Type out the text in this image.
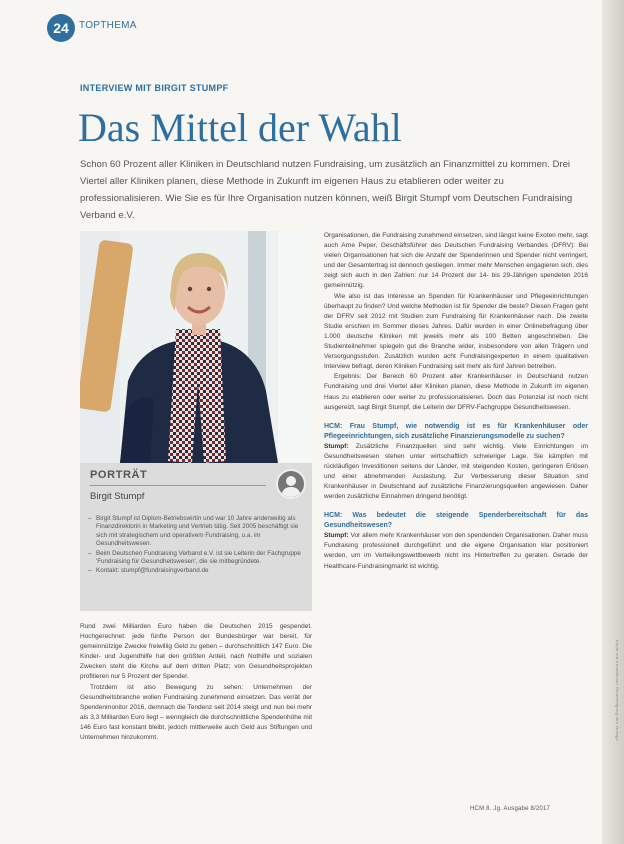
24	TOPTHEMA
INTERVIEW MIT BIRGIT STUMPF
Das Mittel der Wahl
Schon 60 Prozent aller Kliniken in Deutschland nutzen Fundraising, um zusätzlich an Finanzmittel zu kommen. Drei Viertel aller Kliniken planen, diese Methode in Zukunft im eigenen Haus zu etablieren oder weiter zu professionalisieren. Wie Sie es für Ihre Organisation nutzen können, weiß Birgit Stumpf vom Deutschen Fundraising Verband e.V.
PORTRÄT
Birgit Stumpf
– Birgit Stumpf ist Diplom-Betriebswirtin und war 10 Jahre anderweitig als Finanzdirektorin in Marketing und Vertrieb tätig. Seit 2005 beschäftigt sie sich mit strategischem und operativem Fundraising, u.a. im Gesundheitswesen.
– Beim Deutschen Fundraising Verband e.V. ist sie Leiterin der Fachgruppe 'Fundraising für Gesundheitswesen', die sie mitbegründete.
– Kontakt: stumpf@fundraisingverband.de

Rund zwei Milliarden Euro haben die Deutschen 2015 gespendet. Hochgerechnet: jede fünfte Person der Bundesbürger war bereit, für gemeinnützige Zwecke freiwillig Geld zu geben – durchschnittlich 147 Euro. Die Kinder- und Jugendhilfe hat den größten Anteil, nach Nothilfe und sozialen Zwecken steht die Kirche auf dem dritten Platz; von Gesundheitsprojekten profitieren nur 5 Prozent der Spender.

Trotzdem ist also Bewegung zu sehen: Unternehmen der Gesundheitsbranche wollen Fundraising zunehmend einsetzen. Das verrät der Spendenmonitor 2016, demnach die Tendenz seit 2014 steigt und nun bei mehr als 3,3 Milliarden Euro liegt – wenngleich die durchschnittliche Spendenhöhe mit 146 Euro fast konstant bleibt, jedoch mittlerweile auch Geld aus Stiftungen und Unternehmen hinzukommt.

Organisationen, die Fundraising zunehmend einsetzen, sind längst keine Exoten mehr, sagt auch Arne Peper, Geschäftsführer des Deutschen Fundraising Verbandes (DFRV): Bei vielen Organisationen hat sich die Anzahl der Spenderinnen und Spender nicht verringert, und der Gesamtertrag ist dennoch gestiegen. Immer mehr Menschen engagieren sich, dies zeigt sich auch in den Zahlen: nur 14 Prozent der 14- bis 29-Jährigen spendeten 2016 gemeinnützig.

Wie also ist das Interesse an Spenden für Krankenhäuser und Pflegeeinrichtungen überhaupt zu finden? Und welche Methoden ist für Spender die beste? Diesen Fragen geht der DFRV seit 2012 mit Studien zum Fundraising für Krankenhäuser nach. Die zweite Studie erschien im Sommer dieses Jahres. Dafür wurden in einer Onlinebefragung über 1.000 deutsche Kliniken mit jeweils mehr als 100 Betten angeschrieben. Die Studienteilnehmer spiegeln gut die Branche wider, insbesondere von allen Trägern und Versorgungsstufen. Zusätzlich wurden acht Fundraisingexperten in einem qualitativen Interview befragt, deren Kliniken Fundraising seit mehr als fünf Jahren betreiben.

Ergebnis: Der Bereich 60 Prozent aller Krankenhäuser in Deutschland nutzen Fundraising und drei Viertel aller Kliniken planen, diese Methode in Zukunft im eigenen Haus zu etablieren oder weiter zu professionalisieren. Doch das Potenzial ist noch nicht ausgereizt, sagt Birgit Stumpf, die Leiterin der DFRV-Fachgruppe Gesundheitswesen.

HCM: Frau Stumpf, wie notwendig ist es für Krankenhäuser oder Pflegeeinrichtungen, sich zusätzliche Finanzierungsmodelle zu suchen?

Stumpf: Zusätzliche Finanzquellen sind sehr wichtig. Viele Einrichtungen im Gesundheitswesen stehen unter wirtschaftlich schwieriger Lage. Sie kämpfen mit rückläufigen Investitionen seitens der Länder, mit steigenden Kosten, geringeren Erlösen und einer abnehmenden Auslastung. Zur Verbesserung dieser Situation sind Krankenhäuser in Deutschland auf zusätzliche Finanzierungsquellen angewiesen. Daher werden zusätzliche Einnahmen dringend benötigt.

HCM: Was bedeutet die steigende Spenderbereitschaft für das Gesundheitswesen?

Stumpf: Vor allem mehr Krankenhäuser von den spendenden Organisationen. Daher muss Fundraising professionell durchgeführt und die eigene Organisation klar positioniert werden, um im Verteilungswettbewerb nicht ins Hintertreffen zu geraten. Gerade der Healthcare-Fundraisingmarkt ist wichtig.

HCM 8. Jg. Ausgabe 8/2017
Kopie mit freundlicher Genehmigung des Verlags
